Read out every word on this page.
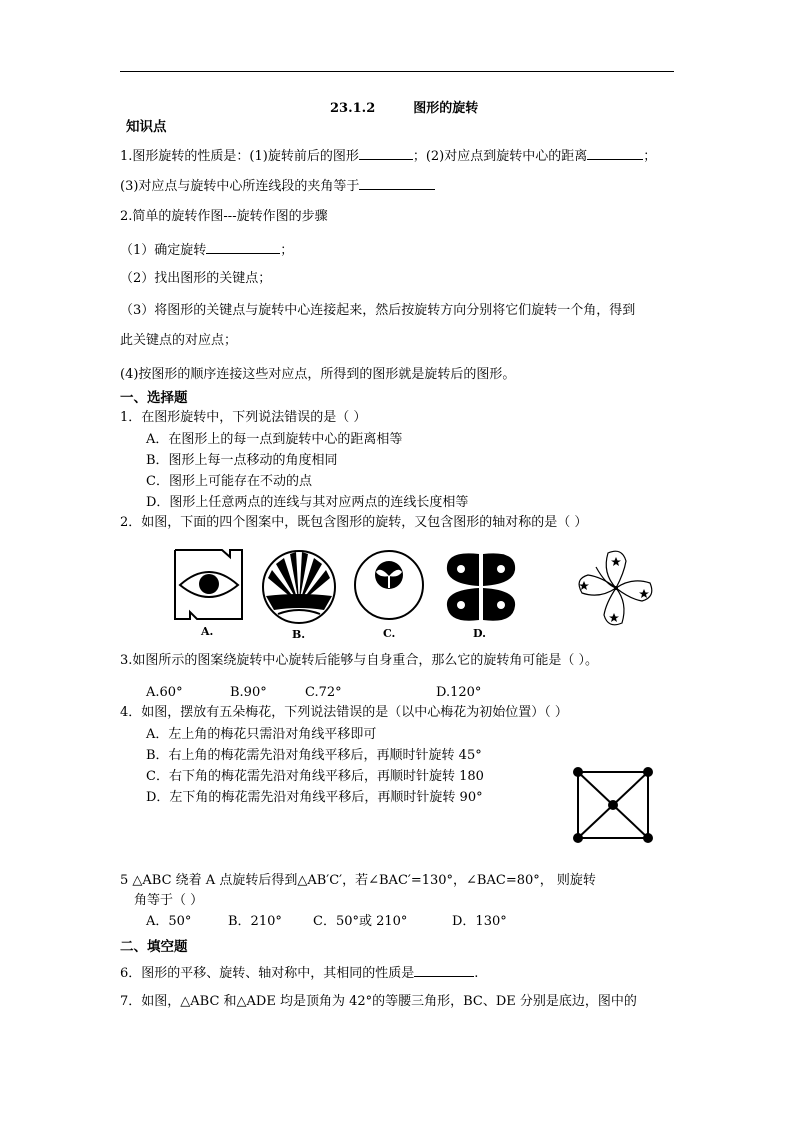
23.1.2	图形的旋转
知识点
1.图形旋转的性质是：(1)旋转前后的图形	；(2)对应点到旋转中心的距离	；
(3)对应点与旋转中心所连线段的夹角等于
2.简单的旋转作图---旋转作图的步骤
（1）确定旋转	；
（2）找出图形的关键点；
（3）将图形的关键点与旋转中心连接起来，然后按旋转方向分别将它们旋转一个角，得到
此关键点的对应点；
(4)按图形的顺序连接这些对应点，所得到的图形就是旋转后的图形。
一、选择题
1．在图形旋转中，下列说法错误的是（ ）
A．在图形上的每一点到旋转中心的距离相等
B．图形上每一点移动的角度相同
C．图形上可能存在不动的点
D．图形上任意两点的连线与其对应两点的连线长度相等
2．如图，下面的四个图案中，既包含图形的旋转，又包含图形的轴对称的是（ ）
A.	B.	C.	D.
3.如图所示的图案绕旋转中心旋转后能够与自身重合，那么它的旋转角可能是（ ）。
A.60°	B.90°	C.72°	D.120°
4．如图，摆放有五朵梅花，下列说法错误的是（以中心梅花为初始位置）（ ）
A．左上角的梅花只需沿对角线平移即可
B．右上角的梅花需先沿对角线平移后，再顺时针旋转 45°
C．右下角的梅花需先沿对角线平移后，再顺时针旋转 180
D．左下角的梅花需先沿对角线平移后，再顺时针旋转 90°
5 △ABC 绕着 A 点旋转后得到△AB′C′，若∠BAC′=130°，∠BAC=80°， 则旋转
角等于（ ）
A．50°	B．210° C．50°或 210°	D．130°
二、填空题
6．图形的平移、旋转、轴对称中，其相同的性质是	.
7．如图，△ABC 和△ADE 均是顶角为 42°的等腰三角形，BC、DE 分别是底边，图中的
